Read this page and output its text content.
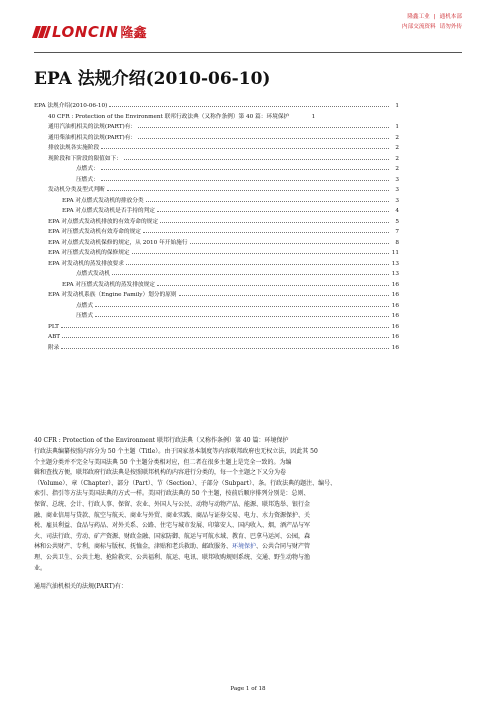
LONCIN 隆鑫
隆鑫工业 | 通机本部
内部交流资料 请勿外传
EPA 法规介绍(2010-06-10)
EPA 法规介绍(2010-06-10)	1
40 CFR : Protection of the Environment 联邦行政法典（又称作条例）第 40 篇：环境保护	1
通用汽油机相关的法规(PART)有：	1
通用柴油机相关的法规(PART)有：	2
排放法规各实施阶段	2
现阶段和下阶段的限值如下：	2
点燃式：	2
压燃式：	3
发动机分类及型式判断	3
EPA 对点燃式发动机的排放分类	3
EPA 对点燃式发动机是否手持的判定	4
EPA 对点燃式发动机排放的有效寿命的规定	5
EPA 对压燃式发动机有效寿命的规定	7
EPA 对点燃式发动机保修的规定，从 2010 年开始施行	8
EPA 对压燃式发动机的保修规定	11
EPA 对发动机的蒸发排放要求	13
点燃式发动机	13
EPA 对压燃式发动机的蒸发排放规定	16
EPA 对发动机系族（Engine Family）划分的原则	16
点燃式	16
压燃式	16
PLT	16
ABT	16
附录	16
40 CFR : Protection of the Environment 联邦行政法典（又称作条例）第 40 篇：环境保护
行政法典编纂按照内容分为 50 个主题（Title）。由于国家基本制度等内容联邦政府也无权立法，因此其 50
个主题分类并不完全与美国法典 50 个主题分类相对应，但二者在很多主题上是完全一致的。为编
辑和查找方便，联邦政府行政法典是按照联邦机构的内容进行分类的，每一个主题之下又分为卷
（Volume）、章（Chapter）、部分（Part）、节（Section）、子部分（Subpart）、条。行政法典的题注、编号、
索引、指引等方法与美国法典的方式一样。美国行政法典的 50 个主题，按前后顺序排列分别是：总则、
保留、总统、会计、行政人事、保留、农业、外国人与公民、动物与动物产品、能源、联邦选举、银行金
融、商业信用与贷款、航空与航天、商业与外贸、商业实践、商品与证券交易、电力、水力资源保护、关
税、雇员利益、食品与药品、对外关系、公路、住宅与城市发展、印第安人、国内收入、烟，酒产品与军
火、司法行政、劳动、矿产资源、财政金融、国家防御、航运与可航水域、教育、巴拿马运河、公园，森
林和公共财产、专利，商标与版权、抚恤金，津贴和老兵救助、邮政服务、环境保护、公共合同与财产管
理、公共卫生、公共土地、抢险救灾、公共福利、航运、电讯、联邦收购规则系统、交通、野生动物与渔
业。
通用汽油机相关的法规(PART)有：
Page 1 of 18
